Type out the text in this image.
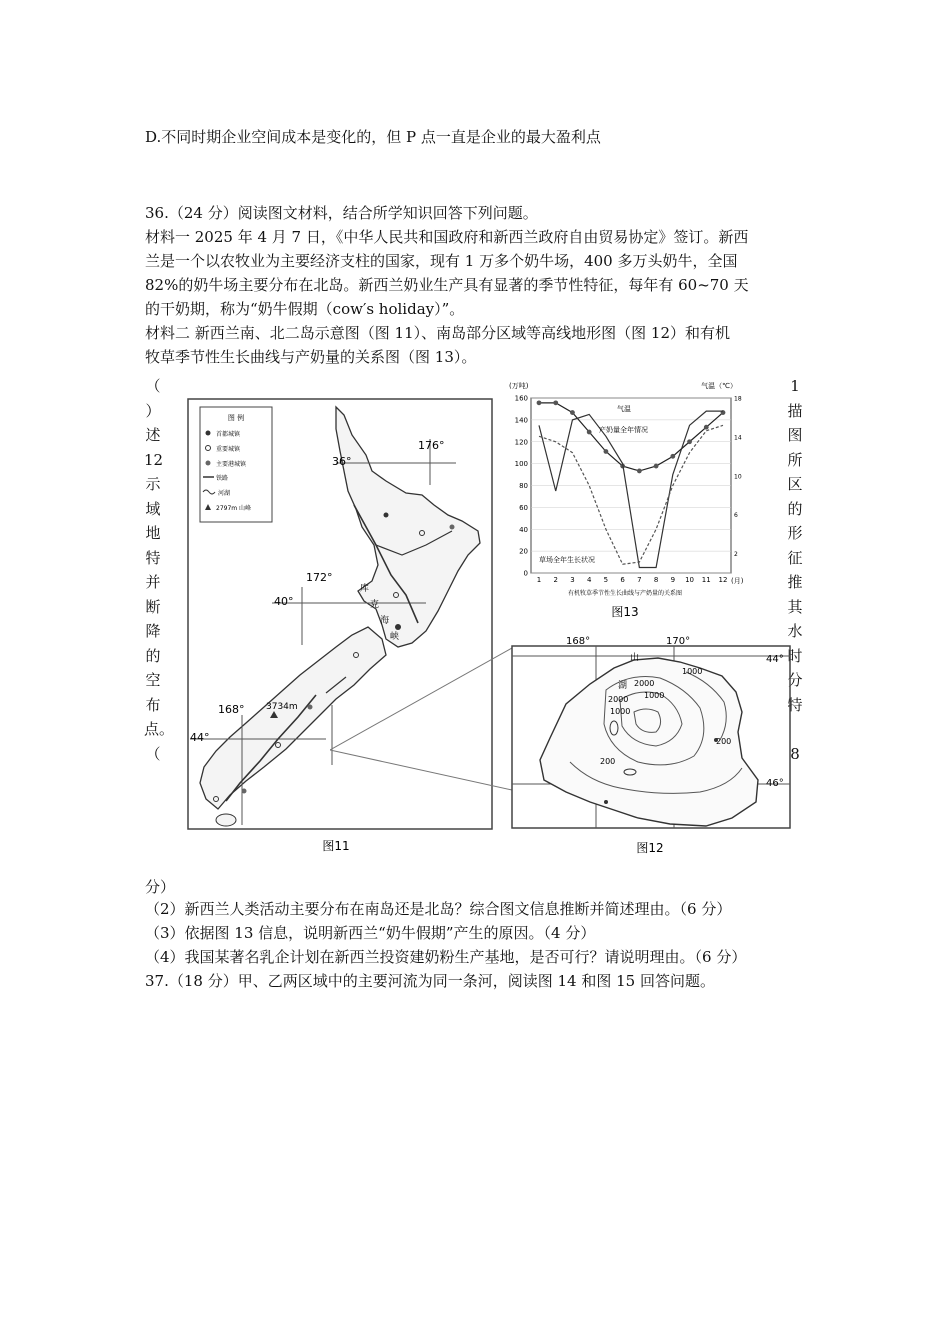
D.不同时期企业空间成本是变化的，但 P 点一直是企业的最大盈利点
36.（24 分）阅读图文材料，结合所学知识回答下列问题。
材料一 2025 年 4 月 7 日，《中华人民共和国政府和新西兰政府自由贸易协定》签订。新西
兰是一个以农牧业为主要经济支柱的国家，现有 1 万多个奶牛场，400 多万头奶牛，全国
82%的奶牛场主要分布在北岛。新西兰奶业生产具有显著的季节性特征，每年有 60~70 天
的干奶期，称为“奶牛假期（cow′s holiday）”。
材料二 新西兰南、北二岛示意图（图 11）、南岛部分区域等高线地形图（图 12）和有机
牧草季节性生长曲线与产奶量的关系图（图 13）。
（
）
述
12
示
域
地
特
并
断
降
的
空
布
点。
（
1
描
图
所
区
的
形
征
推
其
水
时
分
特

8
图 例
首都城镇
重要城镇
主要港城镇
铁路
河湖
2797m 山峰
176°
36°
172°
40°
库
克
海
峡
168° 3734m
44°
图11
(万吨)	气温（℃）
0
20
40
60
80
100
120
140
160
2
6
10
14
18
1 2 3 4 5 6 7 8 9 10 11 12
气温
产奶量全年情况
草场全年生长状况
(月)
有机牧草季节性生长曲线与产奶量的关系图
图13
168°	170°
44°
46°
山
湖
1000
2000
1000
1000
2000
200
200
图12
分）
（2）新西兰人类活动主要分布在南岛还是北岛？综合图文信息推断并简述理由。（6 分）
（3）依据图 13 信息，说明新西兰“奶牛假期”产生的原因。（4 分）
（4）我国某著名乳企计划在新西兰投资建奶粉生产基地，是否可行？请说明理由。（6 分）
37.（18 分）甲、乙两区域中的主要河流为同一条河，阅读图 14 和图 15 回答问题。
